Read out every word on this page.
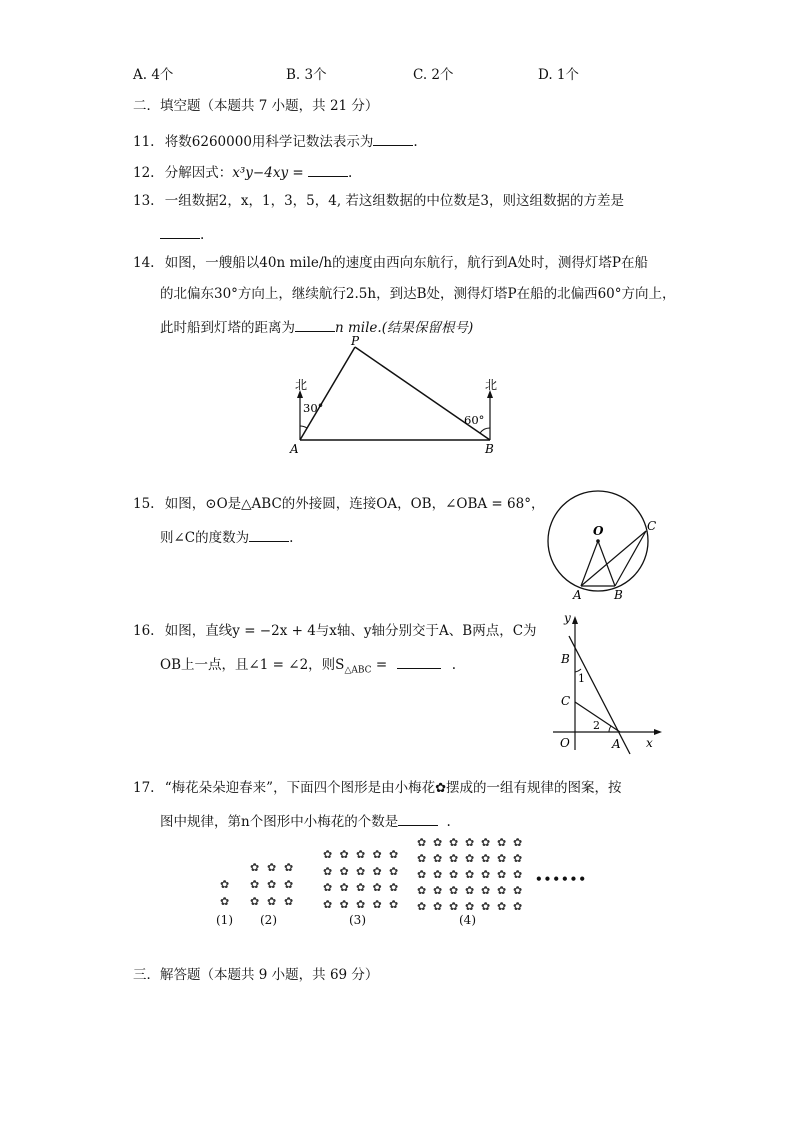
A. 4个	B. 3个	C. 2个	D. 1个
二．填空题（本题共 7 小题，共 21 分）
11. 将数6260000用科学记数法表示为	.
12. 分解因式：x³y−4xy =	.
13. 一组数据2，x，1，3，5，4, 若这组数据的中位数是3，则这组数据的方差是
.
14. 如图，一艘船以40n mile/h的速度由西向东航行，航行到A处时，测得灯塔P在船
的北偏东30°方向上，继续航行2.5h，到达B处，测得灯塔P在船的北偏西60°方向上，
此时船到灯塔的距离为	n mile.(结果保留根号)
P
A	B
北	北
30°
60°
15. 如图，⊙O是△ABC的外接圆，连接OA，OB，∠OBA = 68°，
则∠C的度数为	.	O
A	B
C
16. 如图，直线y = −2x + 4与x轴、y轴分别交于A、B两点，C为
OB上一点，且∠1 = ∠2，则$S_{\triangle ABC}$ =	.
y
x
O	A
B
C
1
2
17. “梅花朵朵迎春来”，下面四个图形是由小梅花✿摆成的一组有规律的图案，按
图中规律，第n个图形中小梅花的个数是	.
✿
✿
✿ ✿ ✿
✿ ✿ ✿
✿ ✿ ✿
✿ ✿ ✿ ✿ ✿
✿ ✿ ✿ ✿ ✿
✿ ✿ ✿ ✿ ✿
✿ ✿ ✿ ✿ ✿
✿ ✿ ✿ ✿ ✿ ✿ ✿
✿ ✿ ✿ ✿ ✿ ✿ ✿
✿ ✿ ✿ ✿ ✿ ✿ ✿
✿ ✿ ✿ ✿ ✿ ✿ ✿
✿ ✿ ✿ ✿ ✿ ✿ ✿
(1) (2)	(3)	(4)
••••••
三．解答题（本题共 9 小题，共 69 分）
